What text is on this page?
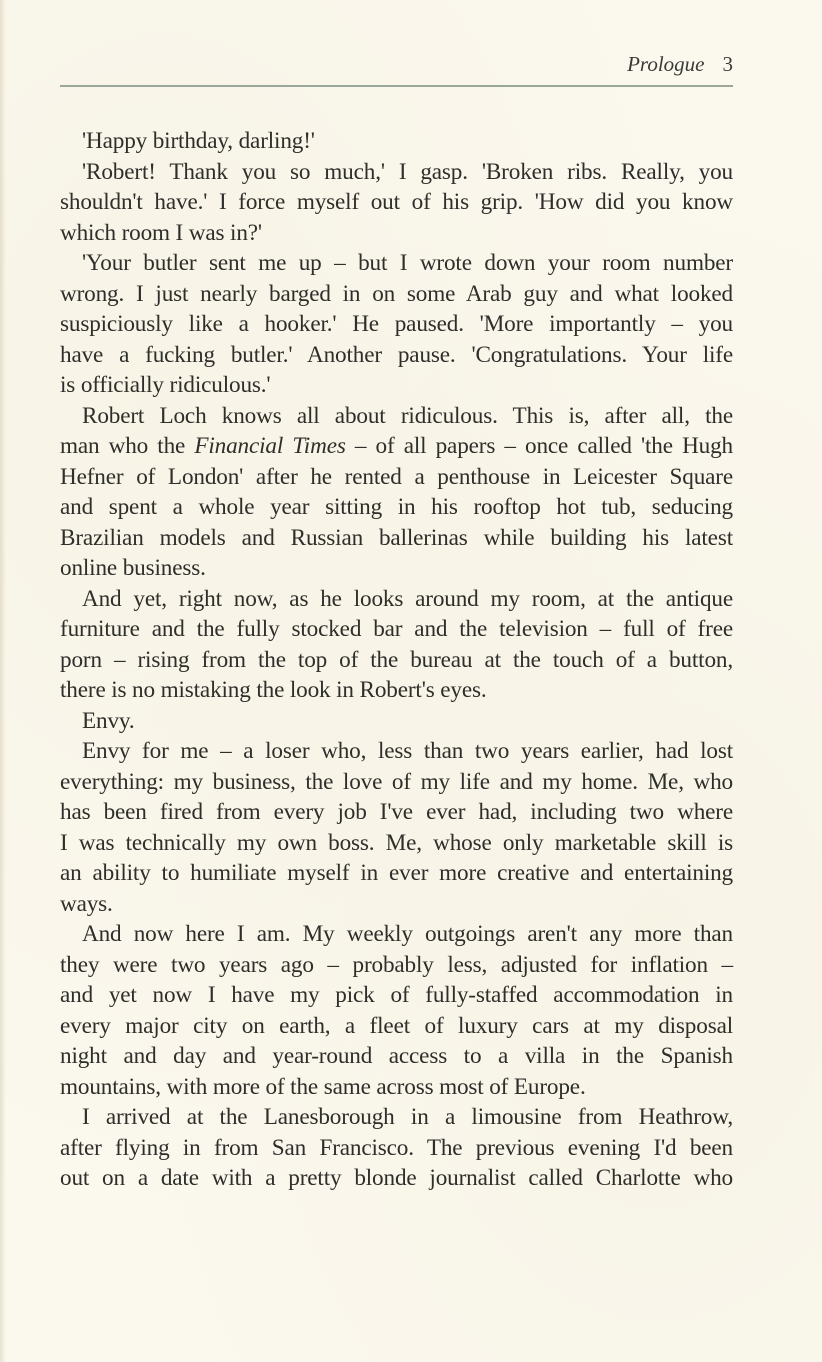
Prologue 3
'Happy birthday, darling!'
'Robert! Thank you so much,' I gasp. 'Broken ribs. Really, you
shouldn't have.' I force myself out of his grip. 'How did you know
which room I was in?'
'Your butler sent me up – but I wrote down your room number
wrong. I just nearly barged in on some Arab guy and what looked
suspiciously like a hooker.' He paused. 'More importantly – you
have a fucking butler.' Another pause. 'Congratulations. Your life
is officially ridiculous.'
Robert Loch knows all about ridiculous. This is, after all, the
man who the Financial Times – of all papers – once called 'the Hugh
Hefner of London' after he rented a penthouse in Leicester Square
and spent a whole year sitting in his rooftop hot tub, seducing
Brazilian models and Russian ballerinas while building his latest
online business.
And yet, right now, as he looks around my room, at the antique
furniture and the fully stocked bar and the television – full of free
porn – rising from the top of the bureau at the touch of a button,
there is no mistaking the look in Robert's eyes.
Envy.
Envy for me – a loser who, less than two years earlier, had lost
everything: my business, the love of my life and my home. Me, who
has been fired from every job I've ever had, including two where
I was technically my own boss. Me, whose only marketable skill is
an ability to humiliate myself in ever more creative and entertaining
ways.
And now here I am. My weekly outgoings aren't any more than
they were two years ago – probably less, adjusted for inflation –
and yet now I have my pick of fully-staffed accommodation in
every major city on earth, a fleet of luxury cars at my disposal
night and day and year-round access to a villa in the Spanish
mountains, with more of the same across most of Europe.
I arrived at the Lanesborough in a limousine from Heathrow,
after flying in from San Francisco. The previous evening I'd been
out on a date with a pretty blonde journalist called Charlotte who
